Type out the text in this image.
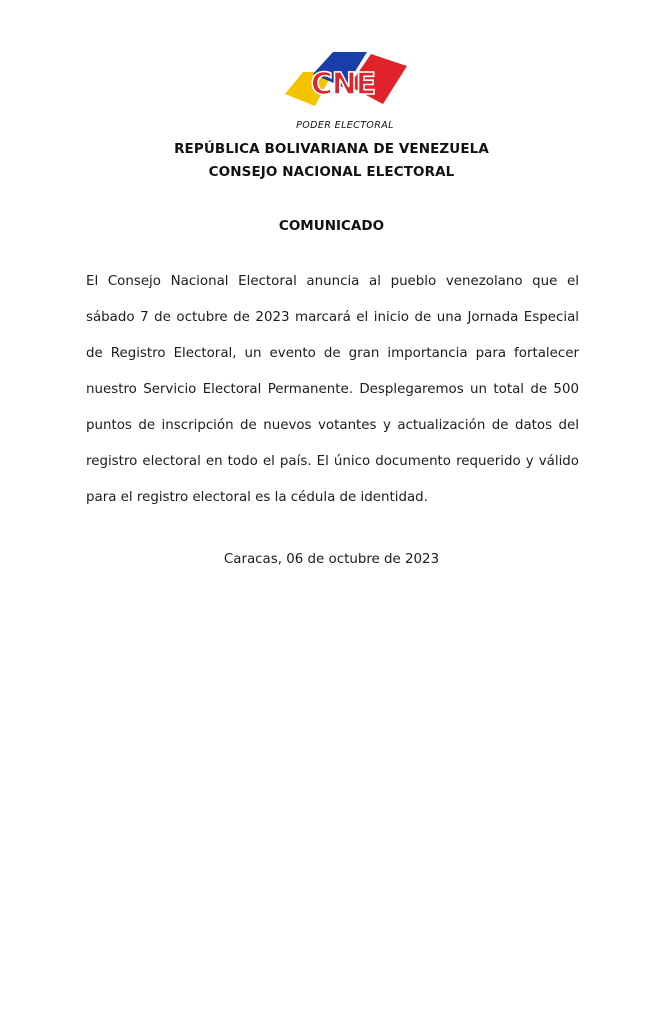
CNE
PODER ELECTORAL
REPÚBLICA BOLIVARIANA DE VENEZUELA
CONSEJO NACIONAL ELECTORAL
COMUNICADO
El Consejo Nacional Electoral anuncia al pueblo venezolano que el sábado 7 de octubre de 2023 marcará el inicio de una Jornada Especial de Registro Electoral, un evento de gran importancia para fortalecer nuestro Servicio Electoral Permanente. Desplegaremos un total de 500 puntos de inscripción de nuevos votantes y actualización de datos del registro electoral en todo el país. El único documento requerido y válido para el registro electoral es la cédula de identidad.
Caracas, 06 de octubre de 2023
